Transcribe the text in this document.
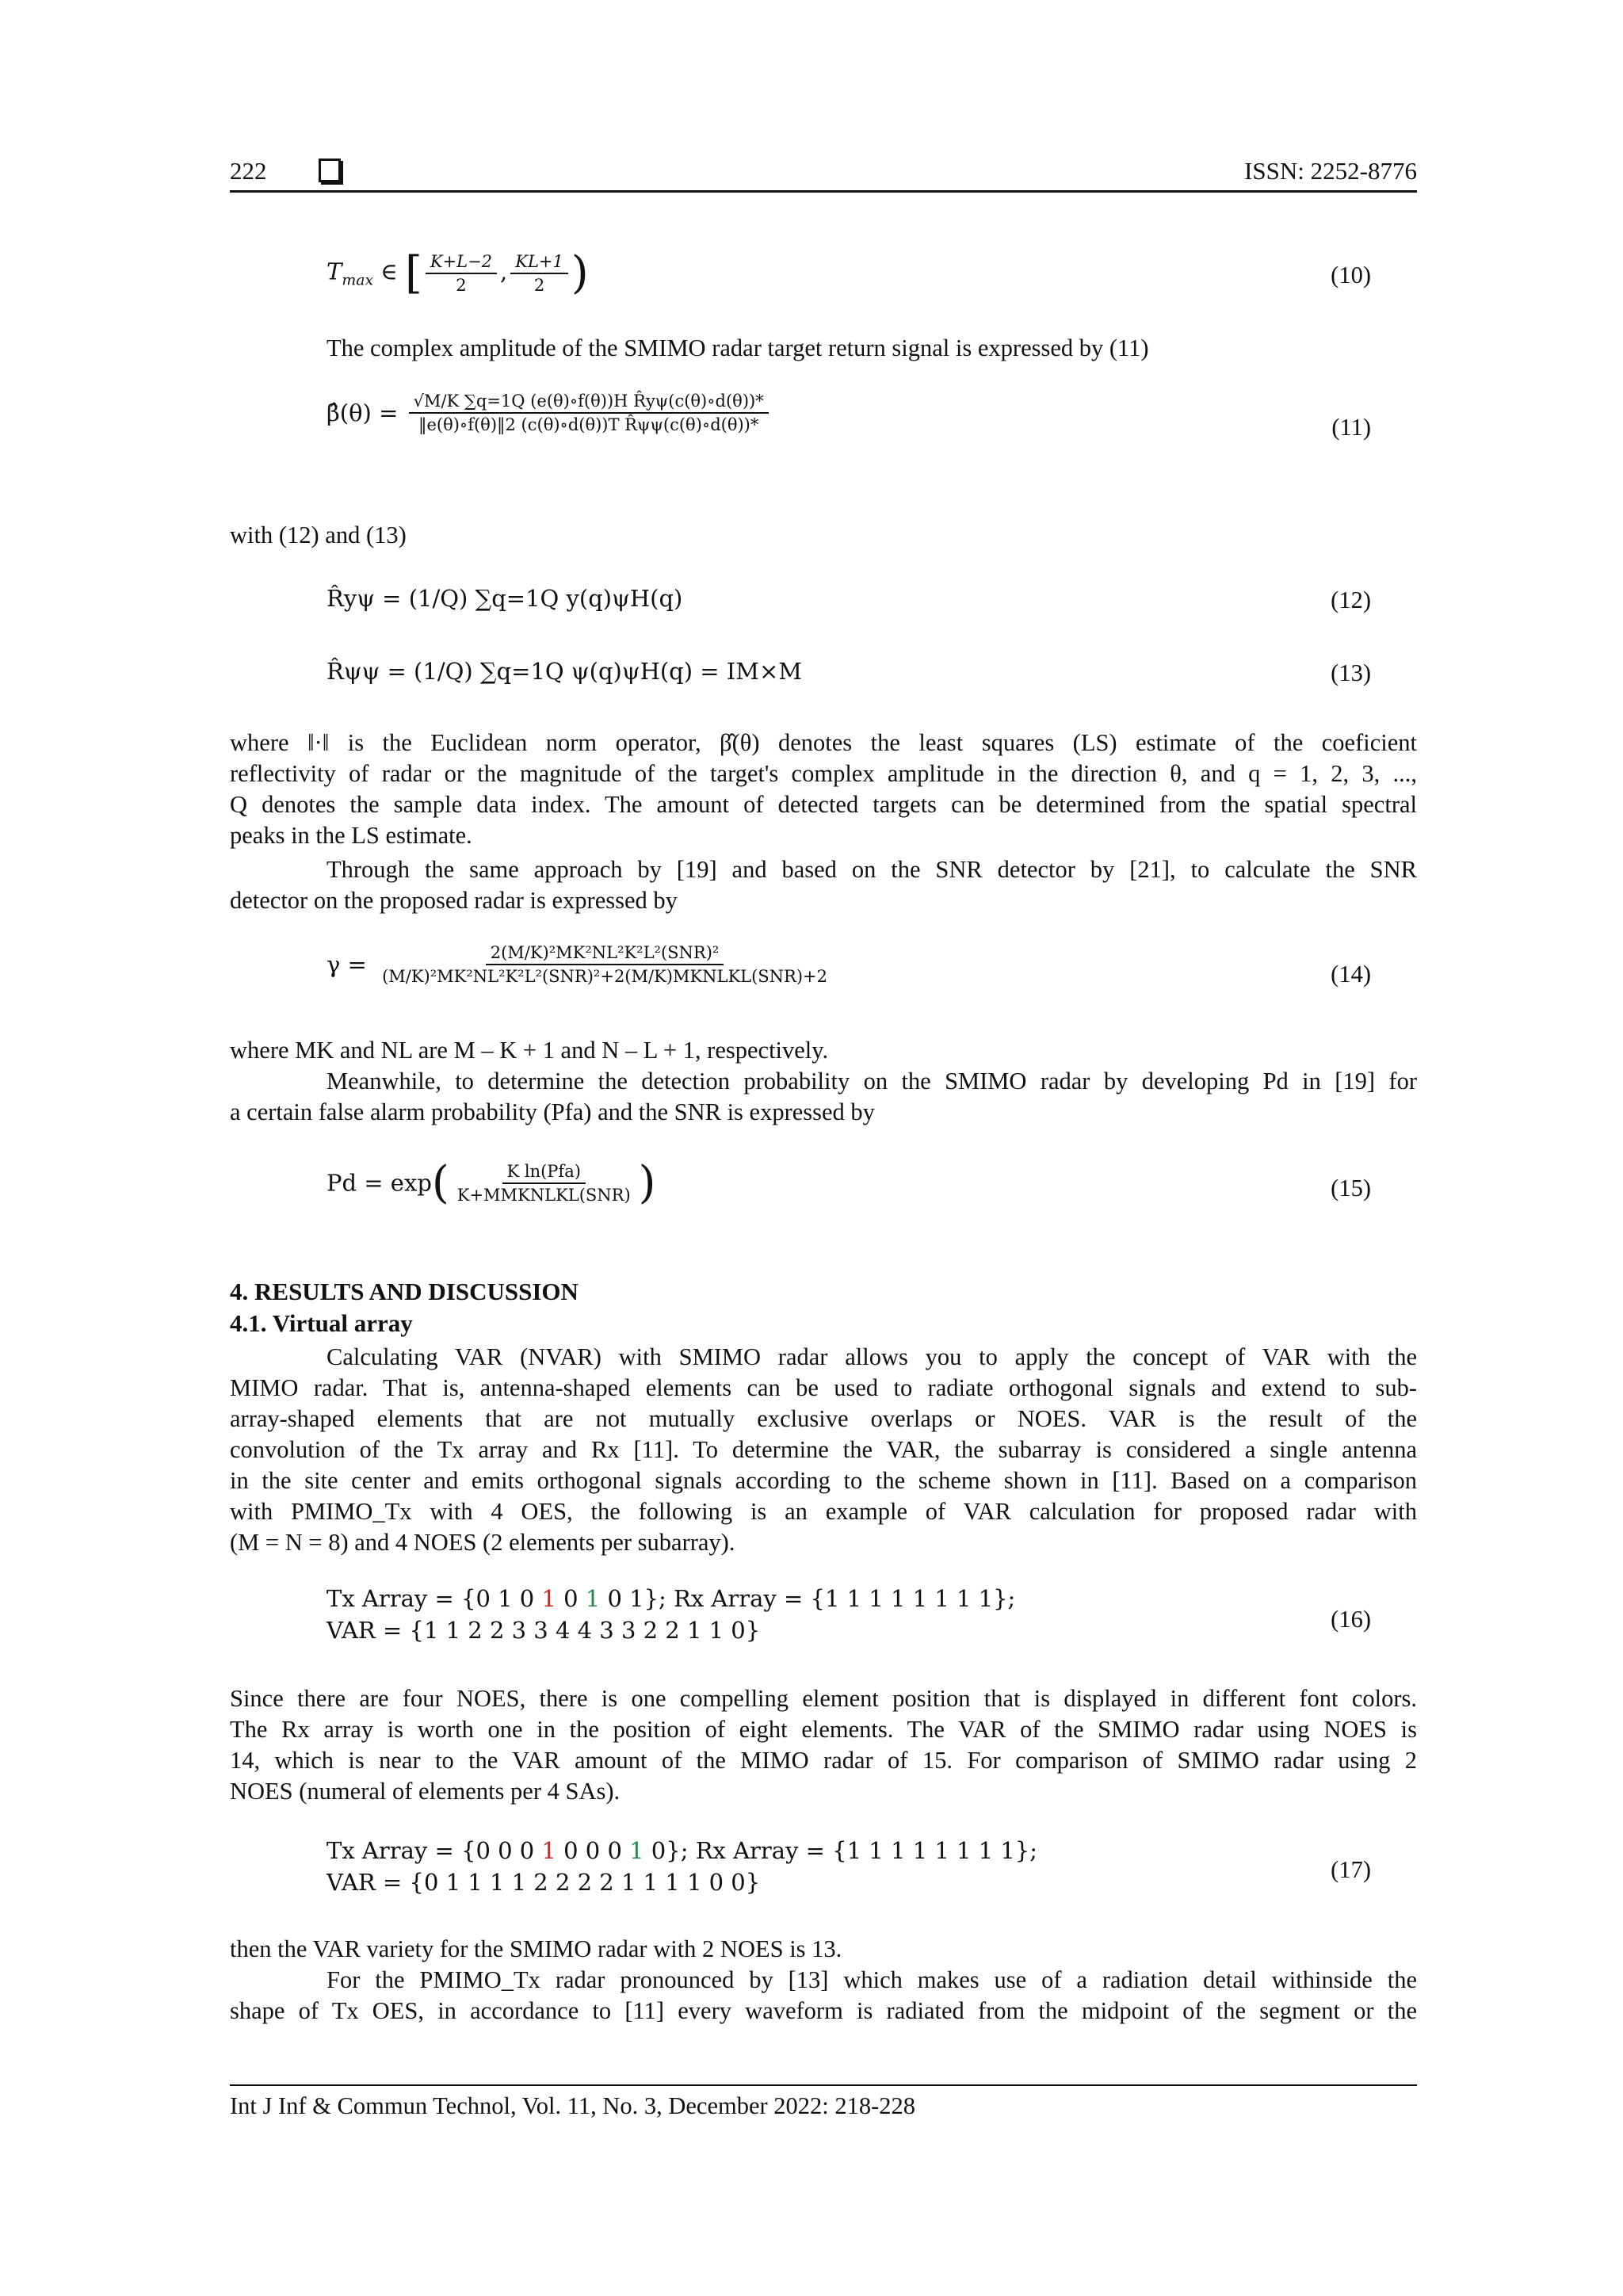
222	ISSN: 2252-8776
$T_{max}$ ∈ [ $\frac{K+L-2}{2}$ , $\frac{KL+1}{2}$ )	(10)
The complex amplitude of the SMIMO radar target return signal is expressed by (11)
β̂(θ) = $\frac{\text{√M/K ∑q=1Q (e(θ)∘f(θ))H R̂yψ(c(θ)∘d(θ))*}}{\text{‖e(θ)∘f(θ)‖2 (c(θ)∘d(θ))T R̂ψψ(c(θ)∘d(θ))*}}$	(11)
with (12) and (13)
R̂yψ = (1/Q) ∑q=1Q y(q)ψH(q)	(12)
R̂ψψ = (1/Q) ∑q=1Q ψ(q)ψH(q) = IM×M	(13)
where ‖·‖ is the Euclidean norm operator, β̂(θ) denotes the least squares (LS) estimate of the coeficient
reflectivity of radar or the magnitude of the target's complex amplitude in the direction θ, and q = 1, 2, 3, ...,
Q denotes the sample data index. The amount of detected targets can be determined from the spatial spectral
peaks in the LS estimate.
Through the same approach by [19] and based on the SNR detector by [21], to calculate the SNR
detector on the proposed radar is expressed by
$\gamma = \frac{\text{2(M/K)²MK²NL²K²L²(SNR)²}}{\text{(M/K)²MK²NL²K²L²(SNR)²+2(M/K)MKNLKL(SNR)+2}}$	(14)
where MK and NL are M – K + 1 and N – L + 1, respectively.
Meanwhile, to determine the detection probability on the SMIMO radar by developing Pd in [19] for
a certain false alarm probability (Pfa) and the SNR is expressed by
$Pd = \exp( \frac{\text{K ln(Pfa)}}{\text{K+MMKNLKL(SNR)}}$ )	(15)
4. RESULTS AND DISCUSSION
4.1. Virtual array
Calculating VAR (NVAR) with SMIMO radar allows you to apply the concept of VAR with the
MIMO radar. That is, antenna-shaped elements can be used to radiate orthogonal signals and extend to sub-
array-shaped elements that are not mutually exclusive overlaps or NOES. VAR is the result of the
convolution of the Tx array and Rx [11]. To determine the VAR, the subarray is considered a single antenna
in the site center and emits orthogonal signals according to the scheme shown in [11]. Based on a comparison
with PMIMO_Tx with 4 OES, the following is an example of VAR calculation for proposed radar with
(M = N = 8) and 4 NOES (2 elements per subarray).
Tx Array = {0 1 0 1 0 1 0 1}; Rx Array = {1 1 1 1 1 1 1 1};
VAR = {1 1 2 2 3 3 4 4 3 3 2 2 1 1 0}	(16)
Since there are four NOES, there is one compelling element position that is displayed in different font colors.
The Rx array is worth one in the position of eight elements. The VAR of the SMIMO radar using NOES is
14, which is near to the VAR amount of the MIMO radar of 15. For comparison of SMIMO radar using 2
NOES (numeral of elements per 4 SAs).
Tx Array = {0 0 0 1 0 0 0 1 0}; Rx Array = {1 1 1 1 1 1 1 1};
VAR = {0 1 1 1 1 2 2 2 2 1 1 1 1 0 0}	(17)
then the VAR variety for the SMIMO radar with 2 NOES is 13.
For the PMIMO_Tx radar pronounced by [13] which makes use of a radiation detail withinside the
shape of Tx OES, in accordance to [11] every waveform is radiated from the midpoint of the segment or the
Int J Inf & Commun Technol, Vol. 11, No. 3, December 2022: 218-228
